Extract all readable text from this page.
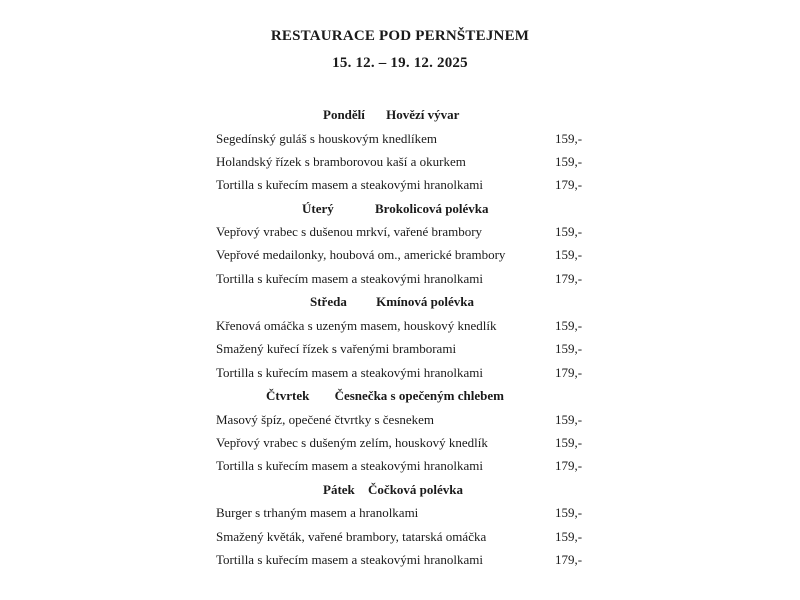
RESTAURACE POD PERNŠTEJNEM
15. 12. – 19. 12. 2025
Pondělí Hovězí vývar
Segedínský guláš s houskovým knedlíkem	159,-
Holandský řízek s bramborovou kaší a okurkem	159,-
Tortilla s kuřecím masem a steakovými hranolkami	179,-
Úterý	Brokolicová polévka
Vepřový vrabec s dušenou mrkví, vařené brambory	159,-
Vepřové medailonky, houbová om., americké brambory	159,-
Tortilla s kuřecím masem a steakovými hranolkami	179,-
Středa Kmínová polévka
Křenová omáčka s uzeným masem, houskový knedlík	159,-
Smažený kuřecí řízek s vařenými bramborami	159,-
Tortilla s kuřecím masem a steakovými hranolkami	179,-
Čtvrtek Česnečka s opečeným chlebem
Masový špíz, opečené čtvrtky s česnekem	159,-
Vepřový vrabec s dušeným zelím, houskový knedlík	159,-
Tortilla s kuřecím masem a steakovými hranolkami	179,-
Pátek Čočková polévka
Burger s trhaným masem a hranolkami	159,-
Smažený květák, vařené brambory, tatarská omáčka	159,-
Tortilla s kuřecím masem a steakovými hranolkami	179,-
